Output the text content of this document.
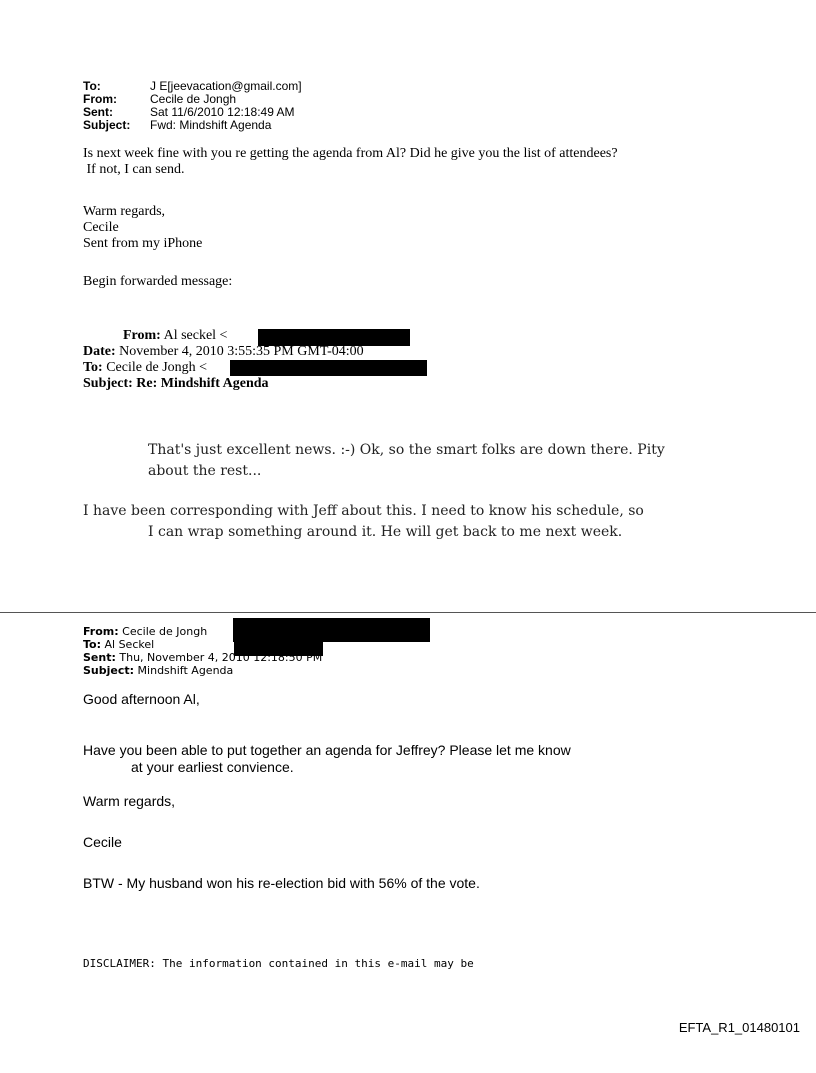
To:	J E[jeevacation@gmail.com]
From:	Cecile de Jongh
Sent:	Sat 11/6/2010 12:18:49 AM
Subject: Fwd: Mindshift Agenda
Is next week fine with you re getting the agenda from Al? Did he give you the list of attendees?
If not, I can send.
Warm regards,
Cecile
Sent from my iPhone
Begin forwarded message:
From: Al seckel <
Date: November 4, 2010 3:55:35 PM GMT-04:00
To: Cecile de Jongh <
Subject: Re: Mindshift Agenda
That's just excellent news. :-) Ok, so the smart folks are down there. Pity
about the rest...
I have been corresponding with Jeff about this. I need to know his schedule, so
I can wrap something around it. He will get back to me next week.
From: Cecile de Jongh
To: Al Seckel
Sent: Thu, November 4, 2010 12:18:50 PM
Subject: Mindshift Agenda
Good afternoon Al,
Have you been able to put together an agenda for Jeffrey? Please let me know
at your earliest convience.
Warm regards,
Cecile
BTW - My husband won his re-election bid with 56% of the vote.
DISCLAIMER: The information contained in this e-mail may be
EFTA_R1_01480101
